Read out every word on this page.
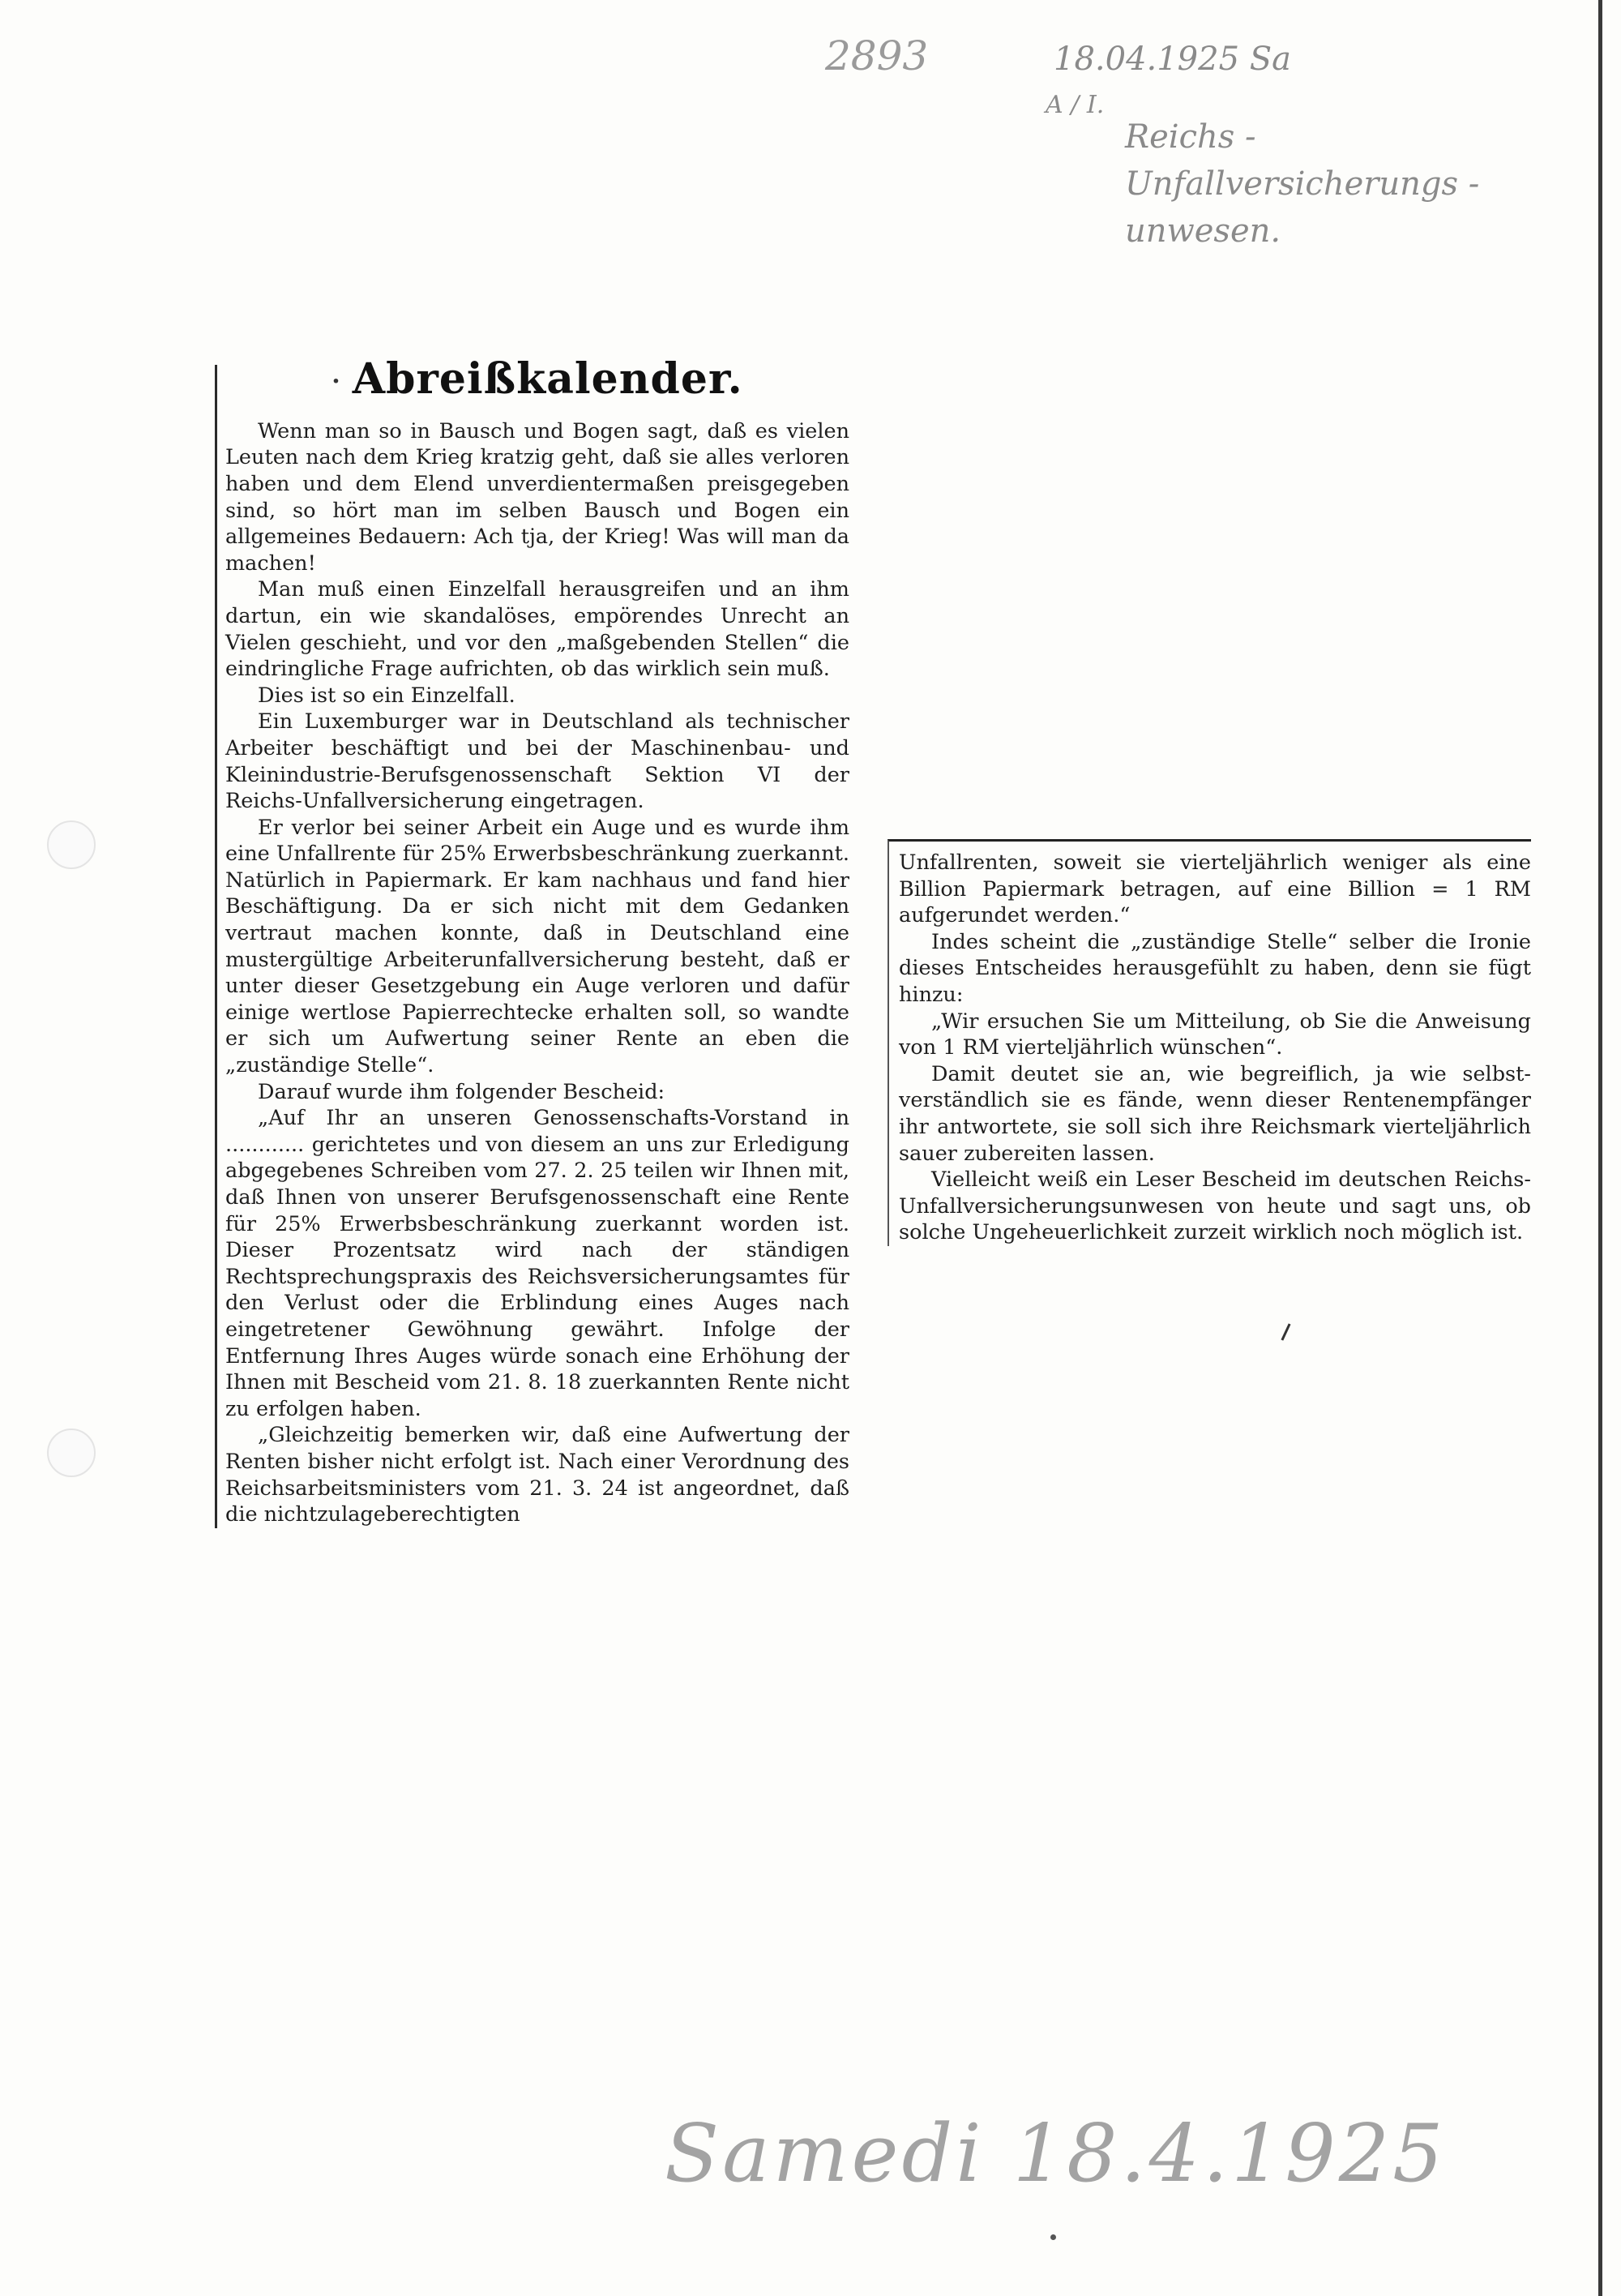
2893	18.04.1925 Sa
A / I.
Reichs - Unfallversicherungs - unwesen.
Samedi 18.4.1925
· Abreißkalender.

Wenn man so in Bausch und Bogen sagt, daß es vielen Leuten nach dem Krieg kratzig geht, daß sie alles verloren haben und dem Elend unverdientermaßen preisgegeben sind, so hört man im selben Bausch und Bogen ein allgemeines Bedauern: Ach tja, der Krieg! Was will man da machen!

Man muß einen Einzelfall herausgreifen und an ihm dartun, ein wie skandalöses, empörendes Unrecht an Vielen geschieht, und vor den „maßgebenden Stellen“ die eindringliche Frage aufrichten, ob das wirklich sein muß.

Dies ist so ein Einzelfall.

Ein Luxemburger war in Deutschland als technischer Arbeiter beschäftigt und bei der Maschinenbau- und Kleinindustrie-Berufsgenossenschaft Sektion VI der Reichs-Unfallversicherung eingetragen.

Er verlor bei seiner Arbeit ein Auge und es wurde ihm eine Unfallrente für 25% Erwerbsbeschränkung zuerkannt. Natürlich in Papiermark. Er kam nachhaus und fand hier Beschäftigung. Da er sich nicht mit dem Gedanken vertraut machen konnte, daß in Deutschland eine mustergültige Arbeiterunfallversicherung besteht, daß er unter dieser Gesetzgebung ein Auge verloren und dafür einige wertlose Papierrechtecke erhalten soll, so wandte er sich um Aufwertung seiner Rente an eben die „zuständige Stelle“.

Darauf wurde ihm folgender Bescheid:

„Auf Ihr an unseren Genossenschafts-Vorstand in ............ gerichtetes und von diesem an uns zur Erledigung abgegebenes Schreiben vom 27. 2. 25 teilen wir Ihnen mit, daß Ihnen von unserer Berufsgenossenschaft eine Rente für 25% Erwerbsbeschränkung zuerkannt worden ist. Dieser Prozentsatz wird nach der ständigen Rechtsprechungspraxis des Reichsversicherungsamtes für den Verlust oder die Erblindung eines Auges nach eingetretener Gewöhnung gewährt. Infolge der Entfernung Ihres Auges würde sonach eine Erhöhung der Ihnen mit Bescheid vom 21. 8. 18 zuerkannten Rente nicht zu erfolgen haben.

„Gleichzeitig bemerken wir, daß eine Aufwertung der Renten bisher nicht erfolgt ist. Nach einer Verordnung des Reichsarbeitsministers vom 21. 3. 24 ist angeordnet, daß die nichtzulageberechtigten

Unfallrenten, soweit sie vierteljährlich weniger als eine Billion Papiermark betragen, auf eine Billion = 1 RM aufgerundet werden.“

Indes scheint die „zuständige Stelle“ selber die Ironie dieses Entscheides herausgefühlt zu haben, denn sie fügt hinzu:

„Wir ersuchen Sie um Mitteilung, ob Sie die Anweisung von 1 RM vierteljährlich wünschen“.

Damit deutet sie an, wie begreiflich, ja wie selbstverständlich sie es fände, wenn dieser Rentenempfänger ihr antwortete, sie soll sich ihre Reichsmark vierteljährlich sauer zubereiten lassen.

Vielleicht weiß ein Leser Bescheid im deutschen Reichs-Unfallversicherungsunwesen von heute und sagt uns, ob solche Ungeheuerlichkeit zurzeit wirklich noch möglich ist.
